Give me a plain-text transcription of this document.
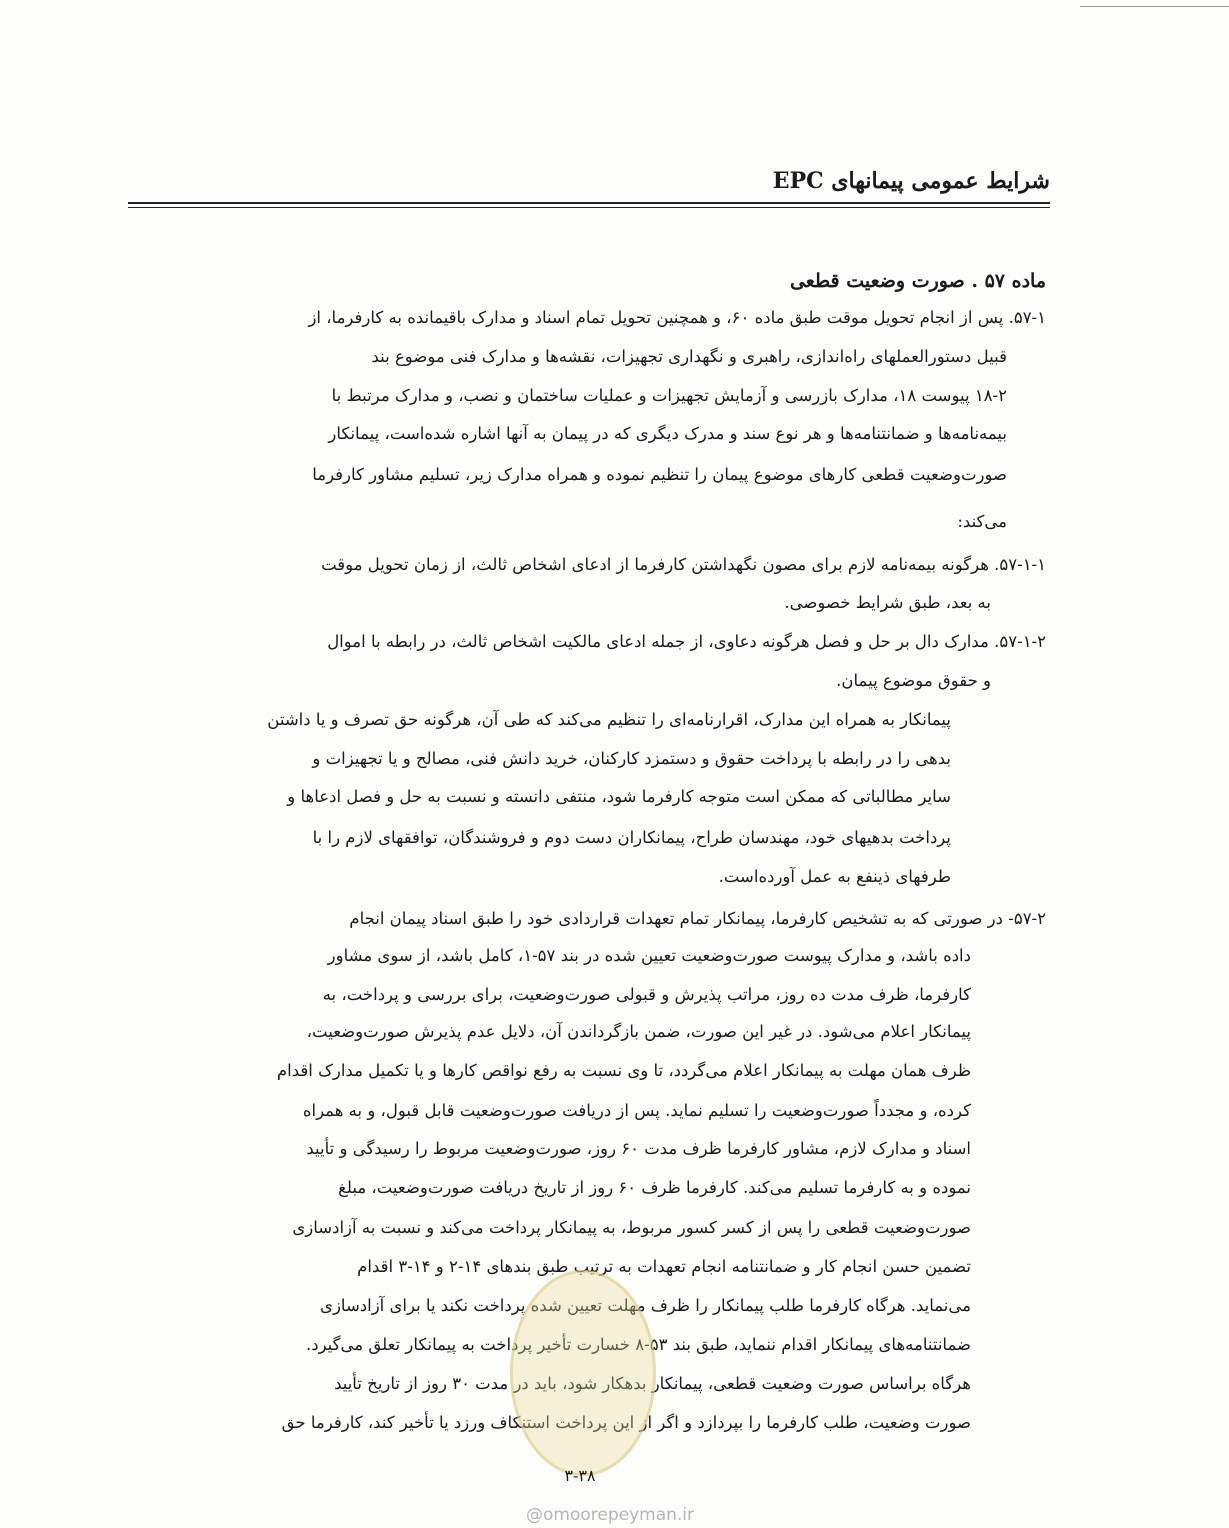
شرایط عمومی پیمانهای EPC
ماده ۵۷ . صورت وضعیت قطعی
۵۷-۱. پس از انجام تحویل موقت طبق ماده ۶۰، و همچنین تحویل تمام اسناد و مدارک باقیمانده به کارفرما، از
قبیل دستورالعملهای راه‌اندازی، راهبری و نگهداری تجهیزات، نقشه‌ها و مدارک فنی موضوع بند
۱۸-۲ پیوست ۱۸، مدارک بازرسی و آزمایش تجهیزات و عملیات ساختمان و نصب، و مدارک مرتبط با
بیمه‌نامه‌ها و ضمانتنامه‌ها و هر نوع سند و مدرک دیگری که در پیمان به آنها اشاره شده‌است، پیمانکار
صورت‌وضعیت قطعی کارهای موضوع پیمان را تنظیم نموده و همراه مدارک زیر، تسلیم مشاور کارفرما
می‌کند:
۵۷-۱-۱. هرگونه بیمه‌نامه لازم برای مصون نگهداشتن کارفرما از ادعای اشخاص ثالث، از زمان تحویل موقت
به بعد، طبق شرایط خصوصی.
۵۷-۱-۲. مدارک دال بر حل و فصل هرگونه دعاوی، از جمله ادعای مالکیت اشخاص ثالث، در رابطه با اموال
و حقوق موضوع پیمان.
پیمانکار به همراه این مدارک، اقرارنامه‌ای را تنظیم می‌کند که طی آن، هرگونه حق تصرف و یا داشتن
بدهی را در رابطه با پرداخت حقوق و دستمزد کارکنان، خرید دانش فنی، مصالح و یا تجهیزات و
سایر مطالباتی که ممکن است متوجه کارفرما شود، منتفی دانسته و نسبت به حل و فصل ادعاها و
پرداخت بدهیهای خود، مهندسان طراح، پیمانکاران دست دوم و فروشندگان، توافقهای لازم را با
طرفهای ذینفع به عمل آورده‌است.
۵۷-۲- در صورتی که به تشخیص کارفرما، پیمانکار تمام تعهدات قراردادی خود را طبق اسناد پیمان انجام
داده باشد، و مدارک پیوست صورت‌وضعیت تعیین شده در بند ۵۷-۱، کامل باشد، از سوی مشاور
کارفرما، ظرف مدت ده روز، مراتب پذیرش و قبولی صورت‌وضعیت، برای بررسی و پرداخت، به
پیمانکار اعلام می‌شود. در غیر این صورت، ضمن بازگرداندن آن، دلایل عدم پذیرش صورت‌وضعیت،
ظرف همان مهلت به پیمانکار اعلام می‌گردد، تا وی نسبت به رفع نواقص کارها و یا تکمیل مدارک اقدام
کرده، و مجدداً صورت‌وضعیت را تسلیم نماید. پس از دریافت صورت‌وضعیت قابل قبول، و به همراه
اسناد و مدارک لازم، مشاور کارفرما ظرف مدت ۶۰ روز، صورت‌وضعیت مربوط را رسیدگی و تأیید
نموده و به کارفرما تسلیم می‌کند. کارفرما ظرف ۶۰ روز از تاریخ دریافت صورت‌وضعیت، مبلغ
صورت‌وضعیت قطعی را پس از کسر کسور مربوط، به پیمانکار پرداخت می‌کند و نسبت به آزادسازی
تضمین حسن انجام کار و ضمانتنامه انجام تعهدات به ترتیب طبق بندهای ۱۴-۲ و ۱۴-۳ اقدام
می‌نماید. هرگاه کارفرما طلب پیمانکار را ظرف مهلت تعیین شده پرداخت نکند یا برای آزادسازی
ضمانتنامه‌های پیمانکار اقدام ننماید، طبق بند ۵۳-۸ خسارت تأخیر پرداخت به پیمانکار تعلق می‌گیرد.
هرگاه براساس صورت وضعیت قطعی، پیمانکار بدهکار شود، باید در مدت ۳۰ روز از تاریخ تأیید
صورت وضعیت، طلب کارفرما را بپردازد و اگر از این پرداخت استنکاف ورزد یا تأخیر کند، کارفرما حق
۳-۳۸
@omoorepeyman.ir
